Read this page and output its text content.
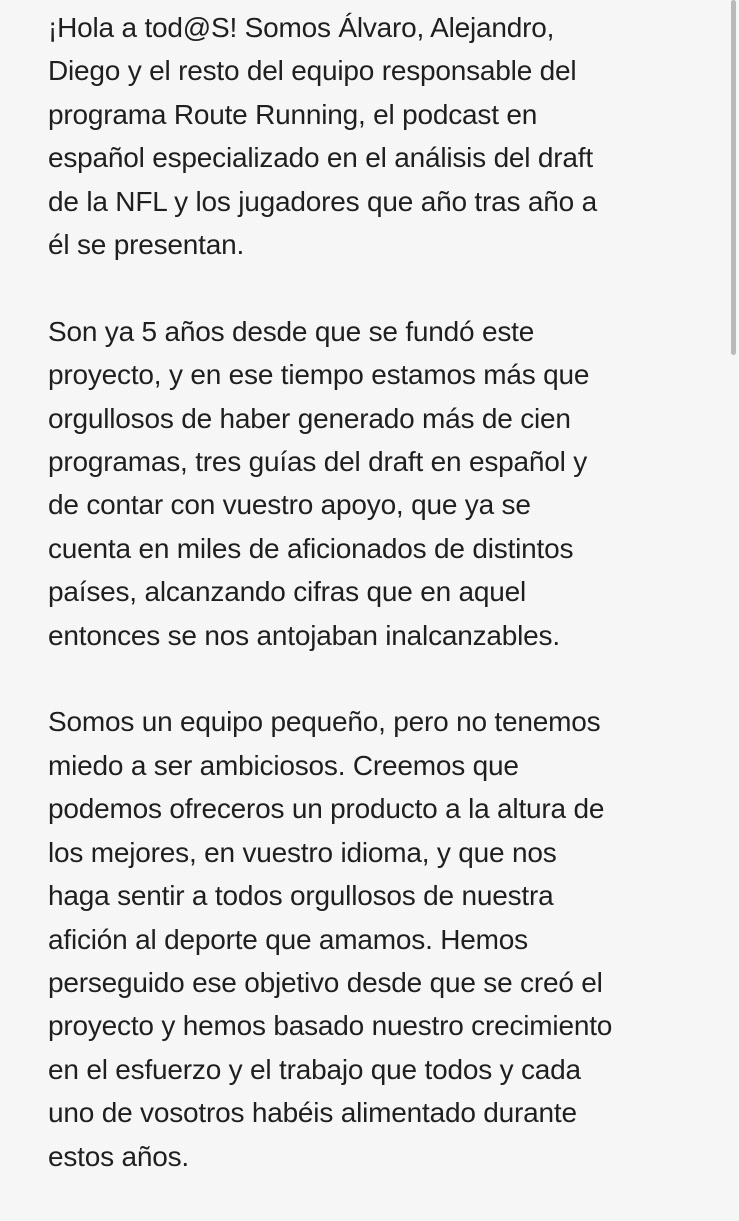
¡Hola a tod@S! Somos Álvaro, Alejandro,
Diego y el resto del equipo responsable del
programa Route Running, el podcast en
español especializado en el análisis del draft
de la NFL y los jugadores que año tras año a
él se presentan.
Son ya 5 años desde que se fundó este
proyecto, y en ese tiempo estamos más que
orgullosos de haber generado más de cien
programas, tres guías del draft en español y
de contar con vuestro apoyo, que ya se
cuenta en miles de aficionados de distintos
países, alcanzando cifras que en aquel
entonces se nos antojaban inalcanzables.
Somos un equipo pequeño, pero no tenemos
miedo a ser ambiciosos. Creemos que
podemos ofreceros un producto a la altura de
los mejores, en vuestro idioma, y que nos
haga sentir a todos orgullosos de nuestra
afición al deporte que amamos. Hemos
perseguido ese objetivo desde que se creó el
proyecto y hemos basado nuestro crecimiento
en el esfuerzo y el trabajo que todos y cada
uno de vosotros habéis alimentado durante
estos años.
